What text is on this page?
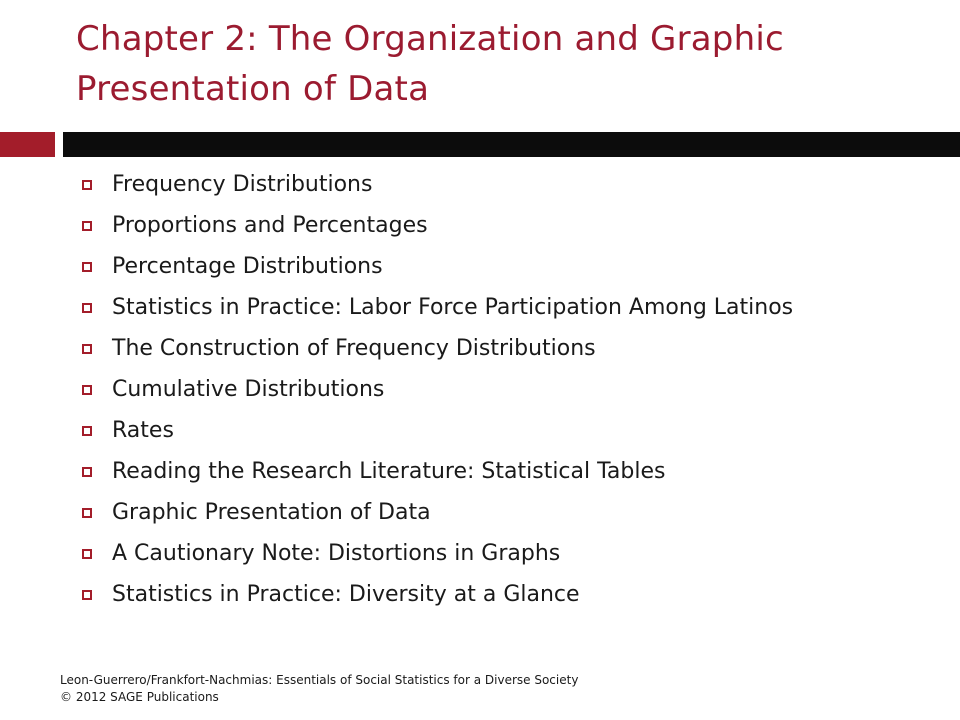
Chapter 2: The Organization and Graphic
Presentation of Data
Frequency Distributions
Proportions and Percentages
Percentage Distributions
Statistics in Practice: Labor Force Participation Among Latinos
The Construction of Frequency Distributions
Cumulative Distributions
Rates
Reading the Research Literature: Statistical Tables
Graphic Presentation of Data
A Cautionary Note: Distortions in Graphs
Statistics in Practice: Diversity at a Glance
Leon-Guerrero/Frankfort-Nachmias: Essentials of Social Statistics for a Diverse Society
© 2012 SAGE Publications
